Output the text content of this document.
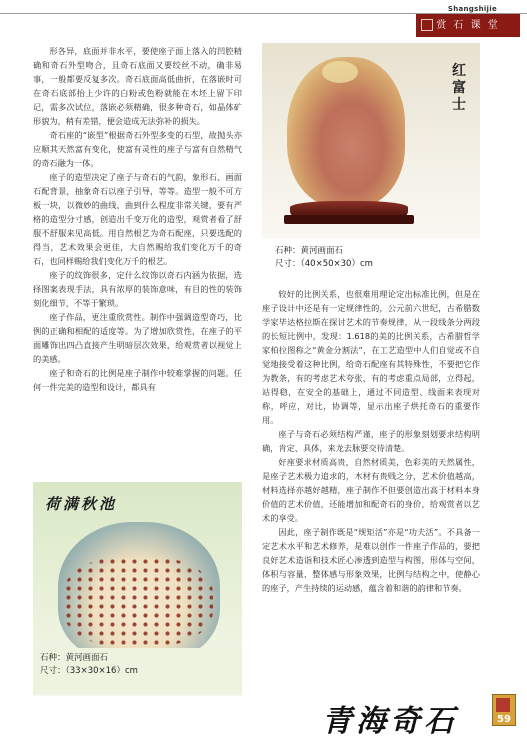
Shangshijie
赏 石 课 堂

形各异，底面并非水平，要使座子面上落入的凹腔精确和奇石外型吻合，且奇石底面又要绞丝不动，确非易事，一般都要反复多次。奇石底面高低曲折，在落嵌时可在奇石底部抬上少许的白粉或色粉就能在木坯上留下印记，需多次试位，落嵌必须精确，很多种奇石，如晶体矿形貌为，稍有差错，便会造成无法弥补的损失。

奇石座的“嵌型”根据奇石外型多变的石型，故抛头亦应顺其天然富有变化，使富有灵性的座子与富有自然精气的奇石融为一体。

座子的造型决定了座子与奇石的气韵，象形石、画面石配背景，抽象奇石以座子引导，等等。造型一般不可方板一块，以微妙的曲线，曲到什么程度非常关键，要有严格的造型分寸感，创造出千变万化的造型，观赏者看了舒服不舒服来见高低。用自然根艺为奇石配座，只要选配的得当，艺术效果会更佳，大自然赐给我们变化万千的奇石，也同样赐给我们变化万千的根艺。

座子的纹饰很多，定什么纹饰以奇石内涵为依据，选择图案表现手法，具有浓厚的装饰意味，有目的性的装饰刻化细节，不等于繁琐。

座子作品，更注重欣赏性。制作中强调造型奇巧，比例的正确和相配的适度等。为了增加欣赏性，在座子的平面雕饰出四凸直接产生明暗层次效果，给观赏者以视觉上的美感。

座子和奇石的比例是座子制作中较难掌握的问题。任何一件完美的造型和设计，都具有

红富士
石种：黄河画面石
尺寸：（40×50×30）cm

较好的比例关系，也很难用理论定出标准比例，但是在座子设计中还是有一定规律性的，公元前六世纪，古希腊数学家毕达格拉斯在探讨艺术的节奏规律，从一段线条分两段的长短比例中，发现：1.618的美的比例关系，古希腊哲学家柏拉图称之“黄金分割法”，在工艺造型中人们自觉或不自觉地接受着这种比例，给奇石配座有其特殊性，不要把它作为教条，有的考虑艺术夸张，有的考虑重点局部，立得起，站得稳，在安全的基础上，通过不同造型、线面来表现对称，呼应，对比，协调等，显示出座子烘托奇石的重要作用。

座子与奇石必须结构严谨，座子的形象刻划要求结构明确，肯定、具体，来龙去脉要交待清楚。

好座要求材质高贵，自然材质美，色彩美的天然属性，是座子艺术极力追求的，木材有贵贱之分，艺术价值越高，材料选择亦越好越精，座子制作不但要创造出高于材料本身价值的艺术价值，还能增加和配奇石的身价，给观赏者以艺术的享受。

因此，座子制作既是“规矩活”亦是“功夫活”。不具备一定艺术水平和艺术修养，是难以创作一件座子作品的，要把良好艺术造诣和技术匠心渗透到造型与构图，形体与空间，体积与容量，整体感与形象效果，比例与结构之中，使静心的座子，产生持续的运动感，蕴含着和谐的韵律和节奏。

荷满秋池
石种：黄河画面石
尺寸：（33×30×16）cm
青海奇石	59
